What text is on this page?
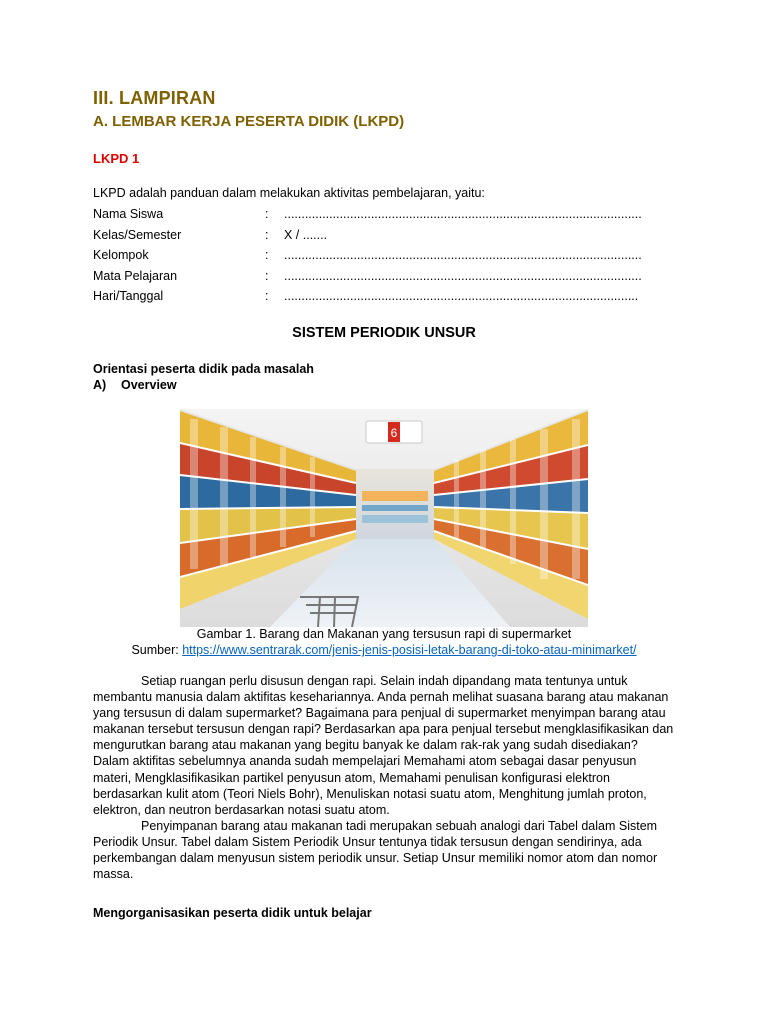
III. LAMPIRAN
A. LEMBAR KERJA PESERTA DIDIK (LKPD)
LKPD 1
LKPD adalah panduan dalam melakukan aktivitas pembelajaran, yaitu:
Nama Siswa	: .......................................................................................................
Kelas/Semester	: X / .......
Kelompok	: .......................................................................................................
Mata Pelajaran	: .......................................................................................................
Hari/Tanggal	: ......................................................................................................
SISTEM PERIODIK UNSUR
Orientasi peserta didik pada masalah
A) Overview
6
Gambar 1. Barang dan Makanan yang tersusun rapi di supermarket
Sumber: https://www.sentrarak.com/jenis-jenis-posisi-letak-barang-di-toko-atau-minimarket/

Setiap ruangan perlu disusun dengan rapi. Selain indah dipandang mata tentunya untuk membantu manusia dalam aktifitas kesehariannya. Anda pernah melihat suasana barang atau makanan yang tersusun di dalam supermarket? Bagaimana para penjual di supermarket menyimpan barang atau makanan tersebut tersusun dengan rapi? Berdasarkan apa para penjual tersebut mengklasifikasikan dan mengurutkan barang atau makanan yang begitu banyak ke dalam rak-rak yang sudah disediakan? Dalam aktifitas sebelumnya ananda sudah mempelajari Memahami atom sebagai dasar penyusun materi, Mengklasifikasikan partikel penyusun atom, Memahami penulisan konfigurasi elektron berdasarkan kulit atom (Teori Niels Bohr), Menuliskan notasi suatu atom, Menghitung jumlah proton, elektron, dan neutron berdasarkan notasi suatu atom.

Penyimpanan barang atau makanan tadi merupakan sebuah analogi dari Tabel dalam Sistem Periodik Unsur. Tabel dalam Sistem Periodik Unsur tentunya tidak tersusun dengan sendirinya, ada perkembangan dalam menyusun sistem periodik unsur. Setiap Unsur memiliki nomor atom dan nomor massa.

Mengorganisasikan peserta didik untuk belajar
